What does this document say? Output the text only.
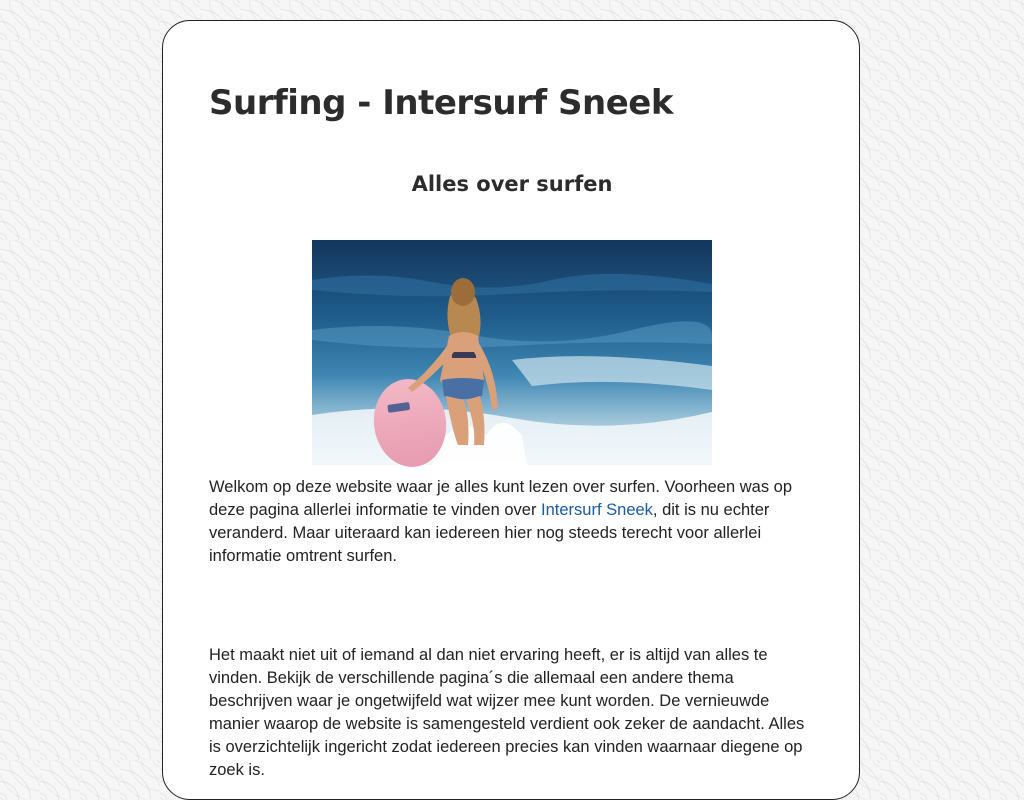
Surfing - Intersurf Sneek
Alles over surfen

Welkom op deze website waar je alles kunt lezen over surfen. Voorheen was op deze pagina allerlei informatie te vinden over Intersurf Sneek, dit is nu echter veranderd. Maar uiteraard kan iedereen hier nog steeds terecht voor allerlei informatie omtrent surfen.

Het maakt niet uit of iemand al dan niet ervaring heeft, er is altijd van alles te vinden. Bekijk de verschillende pagina´s die allemaal een andere thema beschrijven waar je ongetwijfeld wat wijzer mee kunt worden. De vernieuwde manier waarop de website is samengesteld verdient ook zeker de aandacht. Alles is overzichtelijk ingericht zodat iedereen precies kan vinden waarnaar diegene op zoek is.
